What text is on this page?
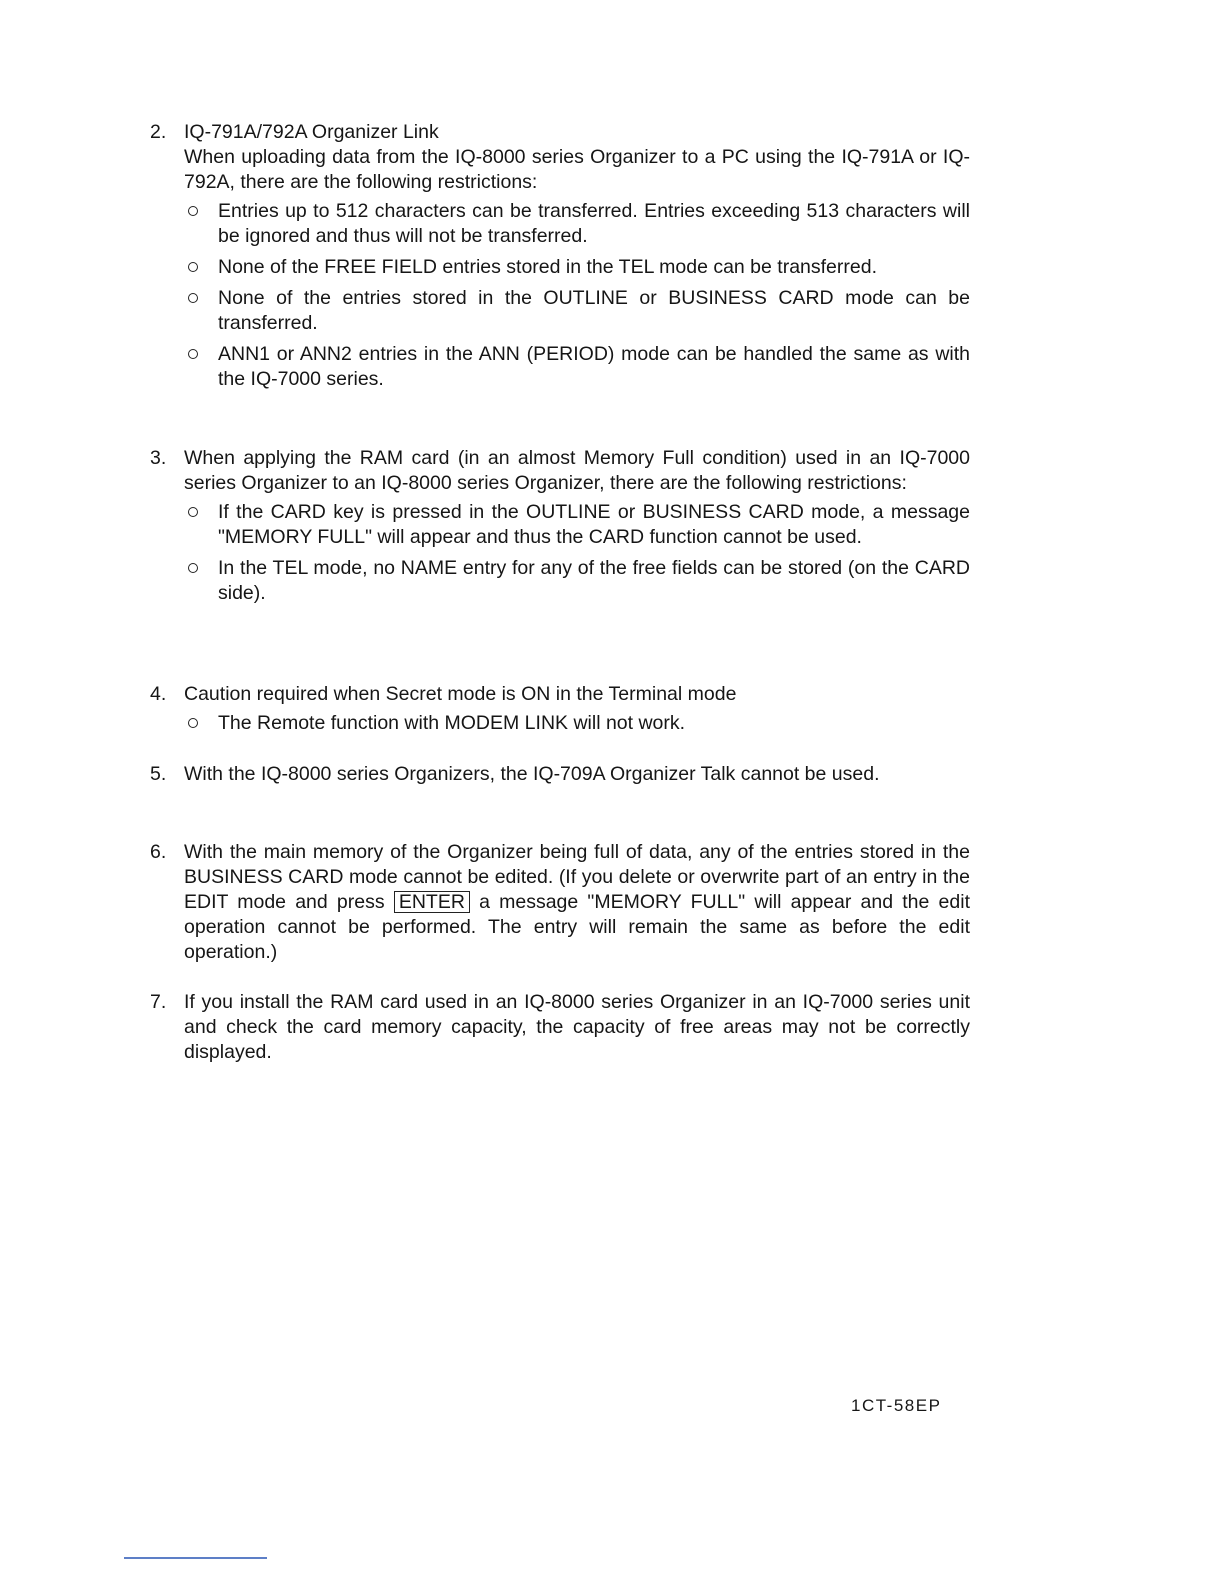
2. IQ-791A/792A Organizer Link

When uploading data from the IQ-8000 series Organizer to a PC using the IQ-791A or IQ-792A, there are the following restrictions:

Entries up to 512 characters can be transferred. Entries exceeding 513 characters will be ignored and thus will not be transferred.
None of the FREE FIELD entries stored in the TEL mode can be transferred.
None of the entries stored in the OUTLINE or BUSINESS CARD mode can be transferred.
ANN1 or ANN2 entries in the ANN (PERIOD) mode can be handled the same as with the IQ-7000 series.
3. When applying the RAM card (in an almost Memory Full condition) used in an IQ-7000 series Organizer to an IQ-8000 series Organizer, there are the following restrictions:

If the CARD key is pressed in the OUTLINE or BUSINESS CARD mode, a message "MEMORY FULL" will appear and thus the CARD function cannot be used.
In the TEL mode, no NAME entry for any of the free fields can be stored (on the CARD side).
4. Caution required when Secret mode is ON in the Terminal mode

The Remote function with MODEM LINK will not work.
5. With the IQ-8000 series Organizers, the IQ-709A Organizer Talk cannot be used.

6. With the main memory of the Organizer being full of data, any of the entries stored in the BUSINESS CARD mode cannot be edited. (If you delete or overwrite part of an entry in the EDIT mode and press ENTER a message "MEMORY FULL" will appear and the edit operation cannot be performed. The entry will remain the same as before the edit operation.)

7. If you install the RAM card used in an IQ-8000 series Organizer in an IQ-7000 series unit and check the card memory capacity, the capacity of free areas may not be correctly displayed.

1CT-58EP
